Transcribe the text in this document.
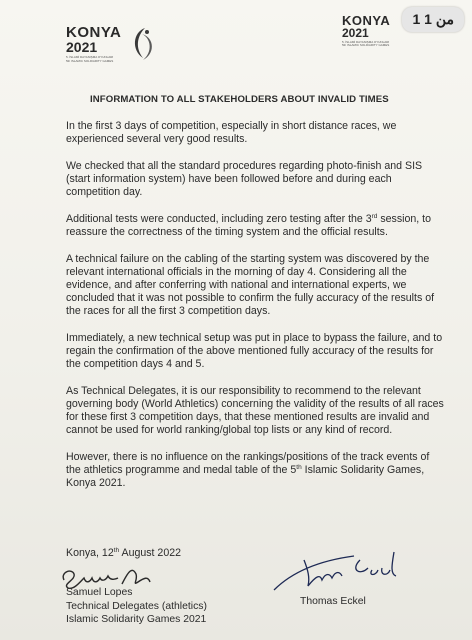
KONYA
2021
5. İSLAMİ DAYANIŞMA OYUNLARI 5th ISLAMIC SOLIDARITY GAMES
KONYA
2021
5. İSLAMİ DAYANIŞMA OYUNLARI 5th ISLAMIC SOLIDARITY GAMES
1 من 1
INFORMATION TO ALL STAKEHOLDERS ABOUT INVALID TIMES

In the first 3 days of competition, especially in short distance races, we experienced several very good results.

We checked that all the standard procedures regarding photo-finish and SIS (start information system) have been followed before and during each competition day.

Additional tests were conducted, including zero testing after the 3rd session, to reassure the correctness of the timing system and the official results.

A technical failure on the cabling of the starting system was discovered by the relevant international officials in the morning of day 4. Considering all the evidence, and after conferring with national and international experts, we concluded that it was not possible to confirm the fully accuracy of the results of the races for all the first 3 competition days.

Immediately, a new technical setup was put in place to bypass the failure, and to regain the confirmation of the above mentioned fully accuracy of the results for the competition days 4 and 5.

As Technical Delegates, it is our responsibility to recommend to the relevant governing body (World Athletics) concerning the validity of the results of all races for these first 3 competition days, that these mentioned results are invalid and cannot be used for world ranking/global top lists or any kind of record.

However, there is no influence on the rankings/positions of the track events of the athletics programme and medal table of the 5th Islamic Solidarity Games, Konya 2021.

Konya, 12th August 2022
Samuel Lopes
Technical Delegates (athletics)
Islamic Solidarity Games 2021
Thomas Eckel
